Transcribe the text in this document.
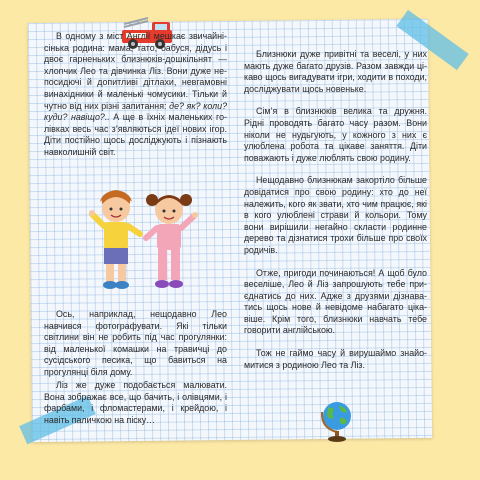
В одному з міст Англії мешкає звичайнісінька родина: мама, тато, бабуся, дідусь і двоє гарненьких близнюків-дошкільнят — хлопчик Лео та дівчинка Ліз. Вони дуже непосидючі й допитливі дітлахи, невгамовні винахідники й маленькі чомусики. Тільки й чутно від них різні запитання: де? як? коли? куди? навіщо?.. А ще в їхніх маленьких голівках весь час з’являються ідеї нових ігор. Діти постійно щось досліджують і пізнають навколишній світ.

Ось, наприклад, нещодавно Лео навчився фотографувати. Які тільки світлини він не робить під час прогулянки: від маленької комашки на травичці до сусідського песика, що бавиться на прогулянці біля дому.

Ліз же дуже подобається малювати. Вона зображає все, що бачить, і олівцями, і фарбами, і фломастерами, і крейдою, і навіть паличкою на піску…

Близнюки дуже привітні та веселі, у них мають дуже багато друзів. Разом завжди цікаво щось вигадувати ігри, ходити в походи, досліджувати щось новеньке.

Сім’я в близнюків велика та дружня. Рідні проводять багато часу разом. Вони ніколи не нудьгують, у кожного з них є улюблена робота та цікаве заняття. Діти поважають і дуже люблять свою родину.

Нещодавно близнюкам закортіло більше довідатися про свою родину: хто до неї належить, кого як звати, хто чим працює, які в кого улюблені страви й кольори. Тому вони вирішили негайно скласти родинне дерево та дізнатися трохи більше про своїх родичів.

Отже, пригоди починаються! А щоб було веселіше, Лео й Ліз запрошують тебе приєднатись до них. Адже з друзями дізнаватись щось нове й невідоме набагато цікавіше. Крім того, близнюки навчать тебе говорити англійською.

Тож не гаймо часу й вирушаймо знайомитися з родиною Лео та Ліз.
